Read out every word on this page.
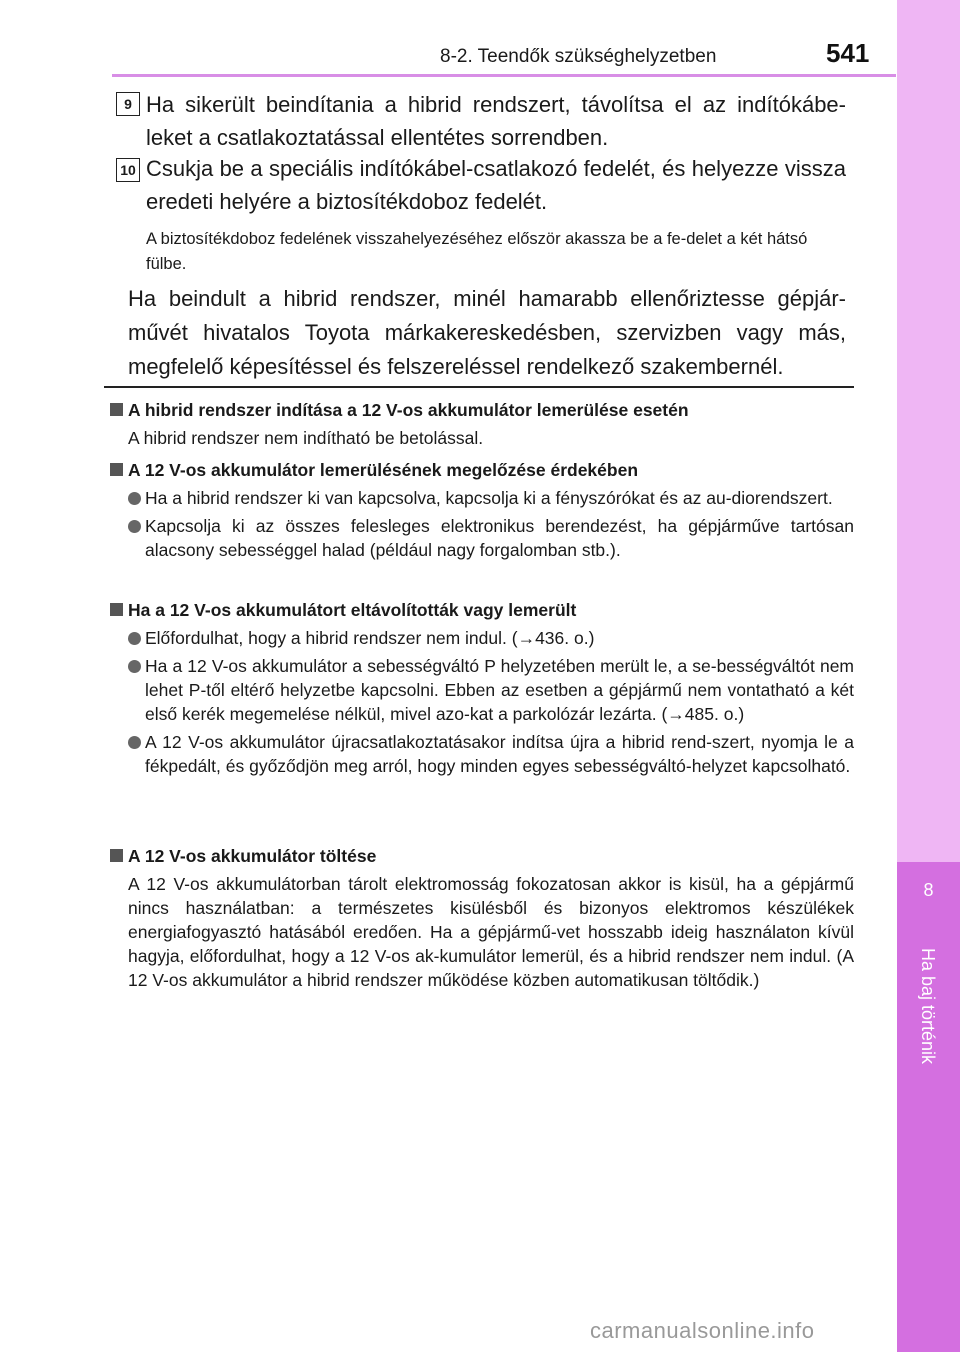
8-2. Teendők szükséghelyzetben	541
8
Ha baj történik
9 Ha sikerült beindítania a hibrid rendszert, távolítsa el az indítókábe-leket a csatlakoztatással ellentétes sorrendben.
10 Csukja be a speciális indítókábel-csatlakozó fedelét, és helyezze vissza eredeti helyére a biztosítékdoboz fedelét.
A biztosítékdoboz fedelének visszahelyezéséhez először akassza be a fe-delet a két hátsó fülbe.
Ha beindult a hibrid rendszer, minél hamarabb ellenőriztesse gépjár-művét hivatalos Toyota márkakereskedésben, szervizben vagy más, megfelelő képesítéssel és felszereléssel rendelkező szakembernél.
A hibrid rendszer indítása a 12 V-os akkumulátor lemerülése esetén
A hibrid rendszer nem indítható be betolással.
A 12 V-os akkumulátor lemerülésének megelőzése érdekében
Ha a hibrid rendszer ki van kapcsolva, kapcsolja ki a fényszórókat és az au-diorendszert.
Kapcsolja ki az összes felesleges elektronikus berendezést, ha gépjárműve tartósan alacsony sebességgel halad (például nagy forgalomban stb.).
Ha a 12 V-os akkumulátort eltávolították vagy lemerült
Előfordulhat, hogy a hibrid rendszer nem indul. (→436. o.)
Ha a 12 V-os akkumulátor a sebességváltó P helyzetében merült le, a se-bességváltót nem lehet P-től eltérő helyzetbe kapcsolni. Ebben az esetben a gépjármű nem vontatható a két első kerék megemelése nélkül, mivel azo-kat a parkolózár lezárta. (→485. o.)
A 12 V-os akkumulátor újracsatlakoztatásakor indítsa újra a hibrid rend-szert, nyomja le a fékpedált, és győződjön meg arról, hogy minden egyes sebességváltó-helyzet kapcsolható.
A 12 V-os akkumulátor töltése
A 12 V-os akkumulátorban tárolt elektromosság fokozatosan akkor is kisül, ha a gépjármű nincs használatban: a természetes kisülésből és bizonyos elektromos készülékek energiafogyasztó hatásából eredően. Ha a gépjármű-vet hosszabb ideig használaton kívül hagyja, előfordulhat, hogy a 12 V-os ak-kumulátor lemerül, és a hibrid rendszer nem indul. (A 12 V-os akkumulátor a hibrid rendszer működése közben automatikusan töltődik.)
carmanualsonline.info
